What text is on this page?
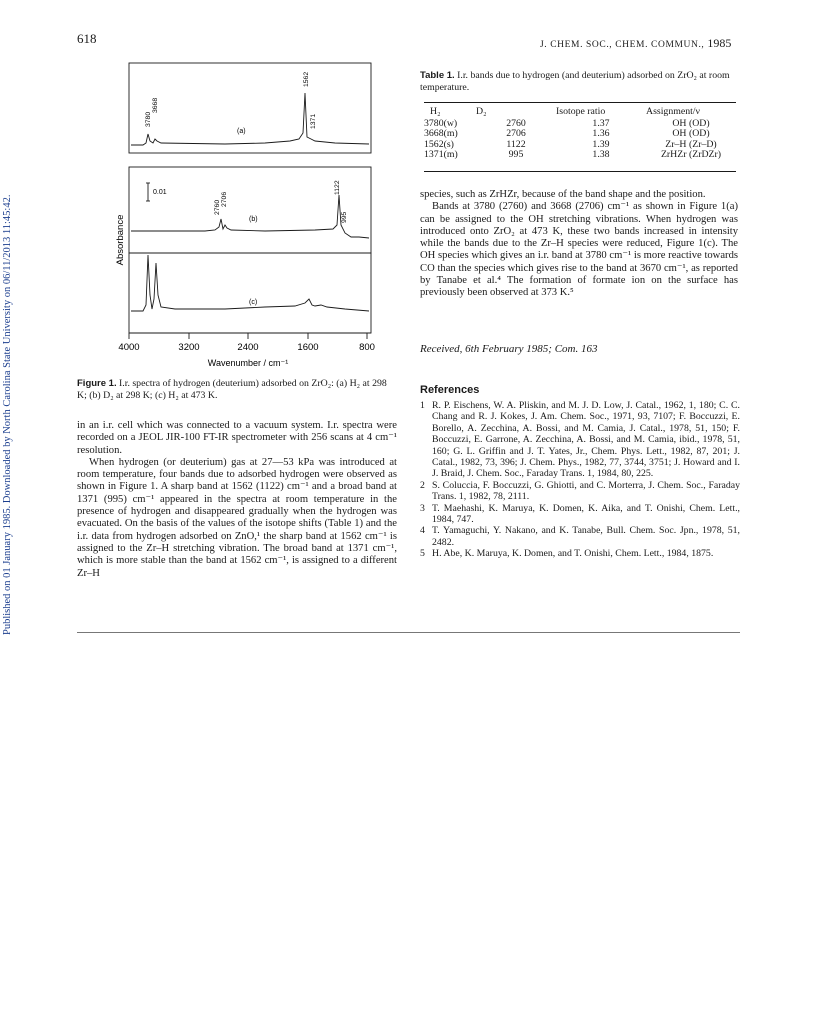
Published on 01 January 1985. Downloaded by North Carolina State University on 06/11/2013 11:45:42.
618	J. CHEM. SOC., CHEM. COMMUN., 1985
Absorbance
4000	3200	2400	1600	800
Wavenumber / cm⁻¹
(a)
3780
3668
1562
1371
0.01
(b)
2760
2706
1122
995
(c)
Figure 1. I.r. spectra of hydrogen (deuterium) adsorbed on ZrO₂: (a) H₂ at 298 K; (b) D₂ at 298 K; (c) H₂ at 473 K.

in an i.r. cell which was connected to a vacuum system. I.r. spectra were recorded on a JEOL JIR-100 FT-IR spectrometer with 256 scans at 4 cm⁻¹ resolution.

When hydrogen (or deuterium) gas at 27—53 kPa was introduced at room temperature, four bands due to adsorbed hydrogen were observed as shown in Figure 1. A sharp band at 1562 (1122) cm⁻¹ and a broad band at 1371 (995) cm⁻¹ appeared in the spectra at room temperature in the presence of hydrogen and disappeared gradually when the hydrogen was evacuated. On the basis of the values of the isotope shifts (Table 1) and the i.r. data from hydrogen adsorbed on ZnO,¹ the sharp band at 1562 cm⁻¹ is assigned to the Zr–H stretching vibration. The broad band at 1371 cm⁻¹, which is more stable than the band at 1562 cm⁻¹, is assigned to a different Zr–H

Table 1. I.r. bands due to hydrogen (and deuterium) adsorbed on ZrO₂ at room temperature.
H₂	D₂	Isotope ratio	Assignment/ν
3780(w)	2760	1.37	OH (OD)
3668(m)	2706	1.36	OH (OD)
1562(s)	1122	1.39	Zr–H (Zr–D)
1371(m)	995	1.38	ZrHZr (ZrDZr)

species, such as ZrHZr, because of the band shape and the position.

Bands at 3780 (2760) and 3668 (2706) cm⁻¹ as shown in Figure 1(a) can be assigned to the OH stretching vibrations. When hydrogen was introduced onto ZrO₂ at 473 K, these two bands increased in intensity while the bands due to the Zr–H species were reduced, Figure 1(c). The OH species which gives an i.r. band at 3780 cm⁻¹ is more reactive towards CO than the species which gives rise to the band at 3670 cm⁻¹, as reported by Tanabe et al.⁴ The formation of formate ion on the surface has previously been observed at 373 K.⁵

Received, 6th February 1985; Com. 163
References
1 R. P. Eischens, W. A. Pliskin, and M. J. D. Low, J. Catal., 1962, 1, 180; C. C. Chang and R. J. Kokes, J. Am. Chem. Soc., 1971, 93, 7107; F. Boccuzzi, E. Borello, A. Zecchina, A. Bossi, and M. Camia, J. Catal., 1978, 51, 150; F. Boccuzzi, E. Garrone, A. Zecchina, A. Bossi, and M. Camia, ibid., 1978, 51, 160; G. L. Griffin and J. T. Yates, Jr., Chem. Phys. Lett., 1982, 87, 201; J. Catal., 1982, 73, 396; J. Chem. Phys., 1982, 77, 3744, 3751; J. Howard and I. J. Braid, J. Chem. Soc., Faraday Trans. 1, 1984, 80, 225.
2 S. Coluccia, F. Boccuzzi, G. Ghiotti, and C. Morterra, J. Chem. Soc., Faraday Trans. 1, 1982, 78, 2111.
3 T. Maehashi, K. Maruya, K. Domen, K. Aika, and T. Onishi, Chem. Lett., 1984, 747.
4 T. Yamaguchi, Y. Nakano, and K. Tanabe, Bull. Chem. Soc. Jpn., 1978, 51, 2482.
5 H. Abe, K. Maruya, K. Domen, and T. Onishi, Chem. Lett., 1984, 1875.
